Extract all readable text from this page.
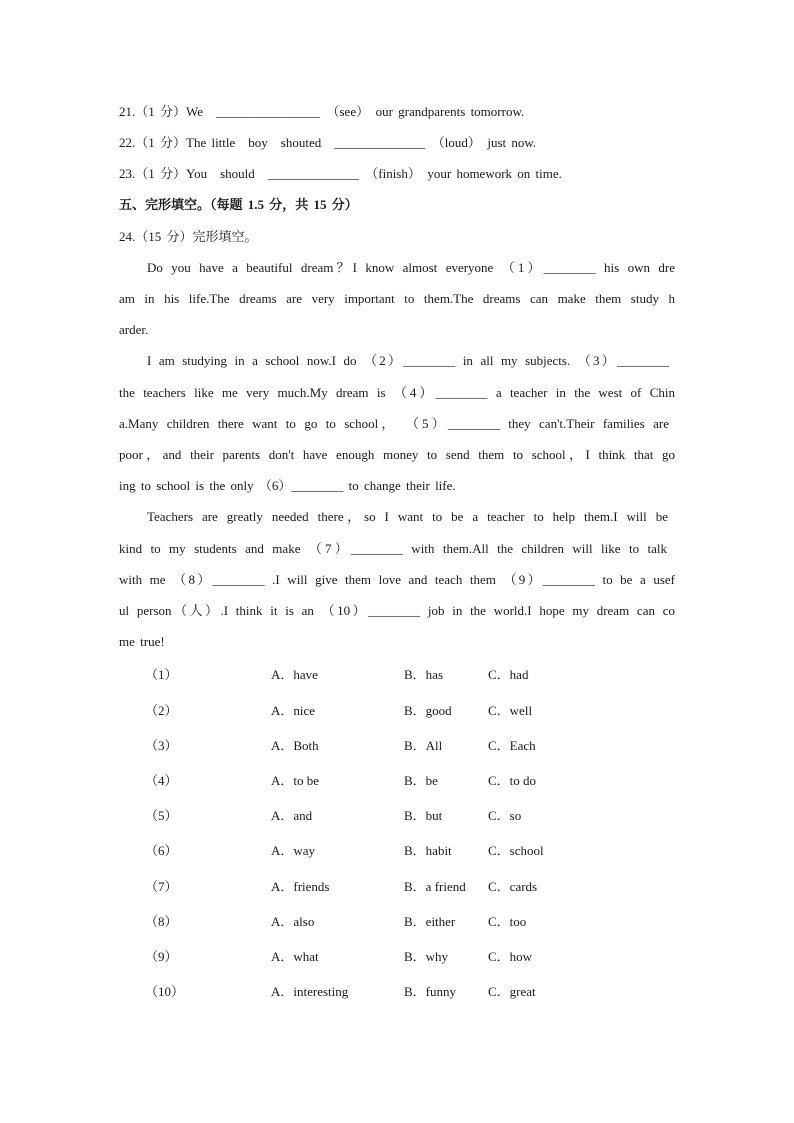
21.（1 分）We　________________　（see）　our grandparents tomorrow.
22.（1 分）The little　boy　shouted　______________　（loud）　just now.
23.（1 分）You　should　______________　（finish）　your homework on time.
五、完形填空。（每题 1.5 分，共 15 分）
24.（15 分）完形填空。
Do you have a beautiful dream？I know almost everyone （1）________ his own dre
am in his life.The dreams are very important to them.The dreams can make them study h
arder.
I am studying in a school now.I do （2）________ in all my subjects. （3）________
the teachers like me very much.My dream is （4）________ a teacher in the west of Chin
a.Many children there want to go to school， （5）________ they can't.Their families are
poor，and their parents don't have enough money to send them to school，I think that go
ing to school is the only （6）________ to change their life.
Teachers are greatly needed there，so I want to be a teacher to help them.I will be
kind to my students and make （7）________ with them.All the children will like to talk
with me （8）________ .I will give them love and teach them （9）________ to be a usef
ul person（人）.I think it is an （10）________ job in the world.I hope my dream can co
me true!
（1）	A．have	B．has	C．had
（2）	A．nice	B．good	C．well
（3）	A．Both	B．All	C．Each
（4）	A．to be	B．be	C．to do
（5）	A．and	B．but	C．so
（6）	A．way	B．habit	C．school
（7）	A．friends	B．a friend C．cards
（8）	A．also	B．either	C．too
（9）	A．what	B．why	C．how
（10）	A．interesting	B．funny C．great
